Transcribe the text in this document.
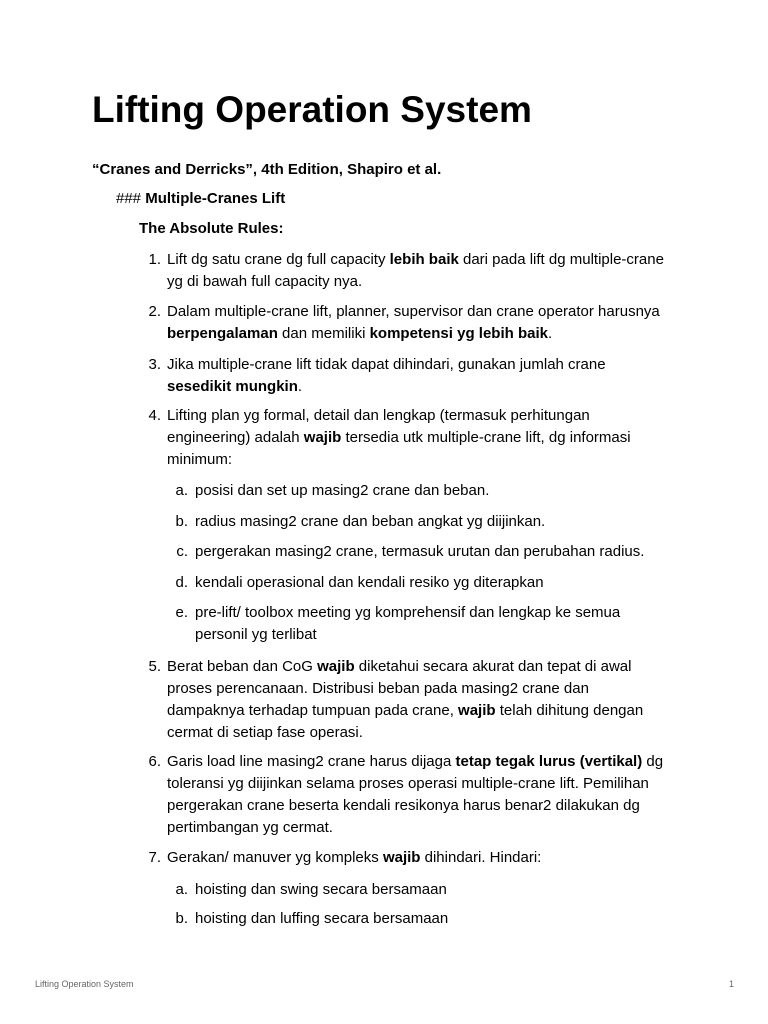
Lifting Operation System
“Cranes and Derricks”, 4th Edition, Shapiro et al.
### Multiple-Cranes Lift
The Absolute Rules:
1. Lift dg satu crane dg full capacity lebih baik dari pada lift dg multiple-crane yg di bawah full capacity nya.
2. Dalam multiple-crane lift, planner, supervisor dan crane operator harusnya berpengalaman dan memiliki kompetensi yg lebih baik.
3. Jika multiple-crane lift tidak dapat dihindari, gunakan jumlah crane sesedikit mungkin.
4. Lifting plan yg formal, detail dan lengkap (termasuk perhitungan engineering) adalah wajib tersedia utk multiple-crane lift, dg informasi minimum:
a. posisi dan set up masing2 crane dan beban.
b. radius masing2 crane dan beban angkat yg diijinkan.
c. pergerakan masing2 crane, termasuk urutan dan perubahan radius.
d. kendali operasional dan kendali resiko yg diterapkan
e. pre-lift/ toolbox meeting yg komprehensif dan lengkap ke semua personil yg terlibat
5. Berat beban dan CoG wajib diketahui secara akurat dan tepat di awal proses perencanaan. Distribusi beban pada masing2 crane dan dampaknya terhadap tumpuan pada crane, wajib telah dihitung dengan cermat di setiap fase operasi.
6. Garis load line masing2 crane harus dijaga tetap tegak lurus (vertikal) dg toleransi yg diijinkan selama proses operasi multiple-crane lift. Pemilihan pergerakan crane beserta kendali resikonya harus benar2 dilakukan dg pertimbangan yg cermat.
7. Gerakan/ manuver yg kompleks wajib dihindari. Hindari:
a. hoisting dan swing secara bersamaan
b. hoisting dan luffing secara bersamaan
Lifting Operation System	1
